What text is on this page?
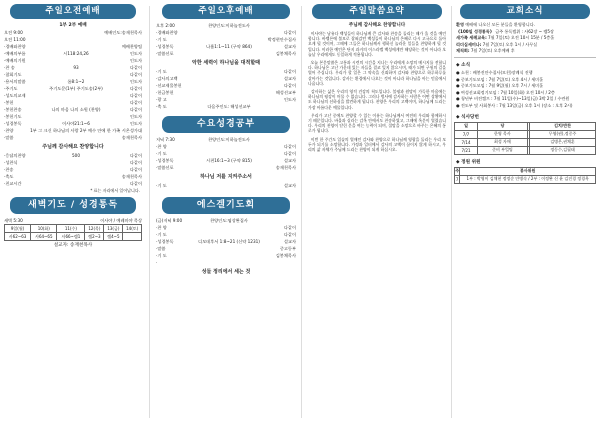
주일오전예배
1부 2부 예배
오전 9:00	예배인도:송재천목사
오전 11:00
·경배와찬양	예배찬양팀
·예배의부름	시118:24,26	인도자
·예배의기원	인도자
·찬 송	93	다같이
·참회기도	다같이
·용서의말씀	롬8:1~2	인도자
·주기도	주기도문(1부) 주기도송(2부)	다같이
·성도의교제	다같이
·봉헌	다같이
·봉헌찬송	나의 마음 나의 소원 (찬양)	다같이
·봉헌기도	인도자
·성경봉독	이사야21:1~6	인도자
·찬양	1부 그 크신 하나님의 사랑 2부 예수 안에 한 가족 시온성가대
·말씀	송재천목사
주님께 감사해요 찬양합니다
·응답의찬양	500	다같이
·성찬식	다같이
·찬송	다같이
·축도	송재천목사
·친교시간	다같이
* 표는 자리에서 일어납니다.
새벽기도 / 성경통독
새벽 5:30	이사야 / 예레미야 묵상
9일(월)	10(화)	11(수)	12(목)	13(금)	14(토)
사62~63	사64~65	사66~렘1	렘2~3	렘4~5	
설교자: 송재천목사
주일오후예배
오후 2:00	찬양인도:이하늘전도사
·경배와찬양	다같이
·기 도	박정현안수집사
·성경봉독	나훔1:1~11 (구약 864)	설교자
·말씀선포	김봉채목사
악한 세력이 하나님을 대적할때
·기 도	다같이
·감사의고백	설교자
·선교제물봉헌	다같이
·헌금봉헌	해성선교부
·광 고	인도자
·축 도	다음주인도: 해성선교부
수요성경공부
저녁 7:30	찬양인도:이하늘전도사
·찬 양	다같이
·기 도	다같이
·성경봉독	시편16:1~3 (구약 815)	설교자
·말씀선포	송재천목사
하나님 저를 지켜주소서
·기 도	설교자
에스겔기도회
(금)저녁 9:00	찬양인도:염상완집사
·찬 양	다같이
·기 도	다같이
·성경봉독	디모데후서 1:8~21 (신약 1231)	설교자
·말씀	중고등부
·기 도	김봉채목사
·
성들 정리에서 세는 것
주일말씀요약
주님께 감사해요 찬양합니다

이사야는 남유다 백성들이 하나님께 큰 감사와 찬송을 돌리는 때가 올 것을 예언합니다. 바벨론에 볼모로 잡혀갔던 백성들이 하나님의 은혜로 다시 고국으로 돌아오게 될 것이며, 그때에 그들은 하나님께서 행하신 놀라운 일들을 찬양하게 될 것입니다. 이러한 예언은 단지 과거의 이스라엘 백성에게만 해당하는 것이 아니라 오늘날 우리에게도 동일하게 적용됩니다.

오늘 본문말씀은 고통과 시련의 시간을 지나는 우리에게 소망의 메시지를 전합니다. 하나님은 고난 가운데 있는 자들을 결코 잊지 않으시며, 때가 되면 구원의 길을 열어 주십니다. 우리가 할 일은 그 약속을 신뢰하며 감사와 찬양으로 하루하루를 살아가는 것입니다. 감사는 환경에서 나오는 것이 아니라 하나님을 아는 믿음에서 나옵니다.

감사하는 삶은 우리의 영적 건강의 척도입니다. 불평과 원망이 가득한 마음에는 하나님의 평강이 머물 수 없습니다. 그러나 범사에 감사하는 사람은 어떤 상황에서도 하나님의 선하심을 발견하게 됩니다. 찬양은 우리의 고백이며, 하나님께 드리는 가장 아름다운 예물입니다.

우리가 고난 중에도 찬양할 수 있는 이유는 하나님께서 여전히 우리와 함께하시기 때문입니다. 바울과 실라는 감옥 안에서도 찬송하였고, 그때에 옥문이 열렸습니다. 우리의 찬양이 닫힌 문을 여는 능력이 되며, 절망을 소망으로 바꾸는 은혜의 통로가 됩니다.

이번 한 주간도 입술의 열매인 감사와 찬양으로 하나님께 영광을 돌리는 우리 모두가 되기를 소망합니다. 가정과 일터에서 감사의 고백이 끊이지 않게 하시고, 우리의 삶 자체가 주님께 드리는 찬양이 되게 하십시오.

교회소식
환영 예배에 나오신 모든 분들을 환영합니다.
《100일 성경통독》 금주 통독범위 : 사62장 ~ 렘5장
새가족 세례교육: 7월 7일(토) 오전 10시 15분 / 5층홀
리더십세미나: 7월 7일(토) 오후 1시 / 사무실
제직회: 7월 7일(토) 오후예배 후
◆ 소식
● 소천 : 배봉진안수집사(모친)장례식 진행
● 중보기도모임 : 7월 7일(토) 오후 4시 / 세미홀
● 중보기도모임 : 7월 9일(월) 오후 7시 / 세미홀
● 여성선교회정기모임 : 7월 10일(화) 오전 10시 / 2층
● 청년부 비전캠프 : 7월 11일(수)~13일(금) 3박 2일 / 수련원
● 전도부 및 사회봉사 : 7월 13일(금) 오후 1시 (장소 : 오후 2시)
◆ 식사당번
일	당		김치/반찬
7/7	한영 목사		무영(권),정중주
7/14	최성 자매		김병은,권채훈
7/21	준비 부엌팀		정동수,김필태
◆ 정원 위원
주	봉사위원
7	1부 : 박영이 김채현 정정순 안병숙 / 2부 : 이정완 신 윤 김진경 정경옥
